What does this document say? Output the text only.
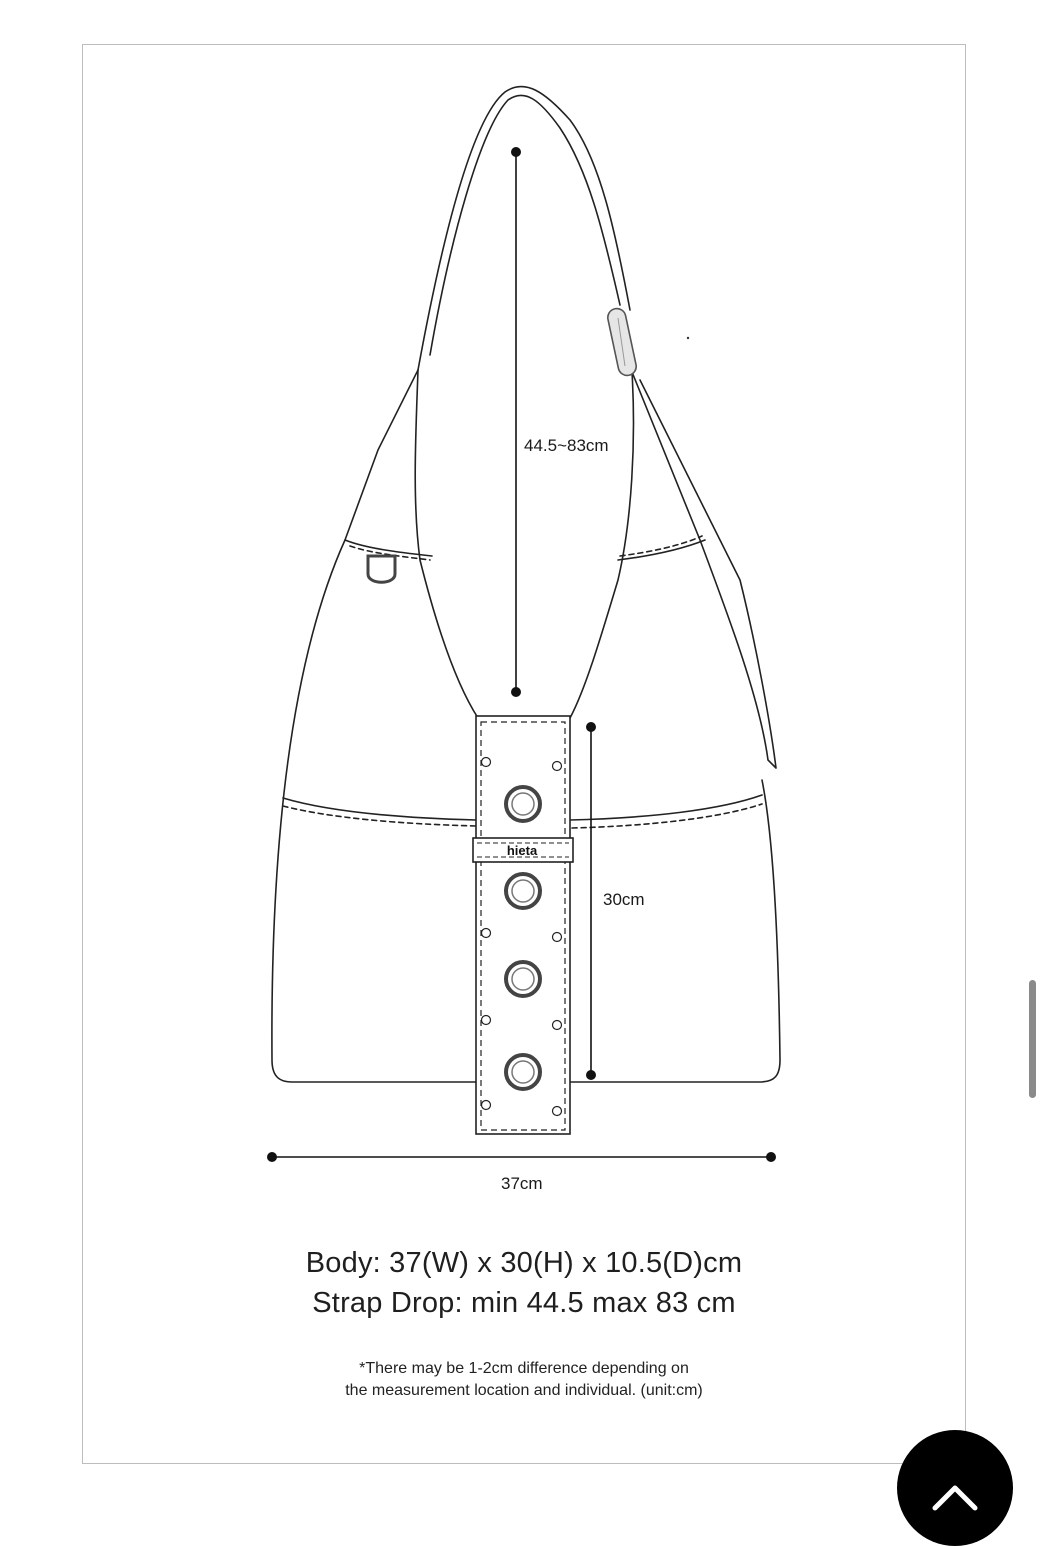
hieta
44.5~83cm
30cm
37cm
Body: 37(W) x 30(H) x 10.5(D)cm
Strap Drop: min 44.5 max 83 cm
*There may be 1-2cm difference depending on
the measurement location and individual. (unit:cm)
